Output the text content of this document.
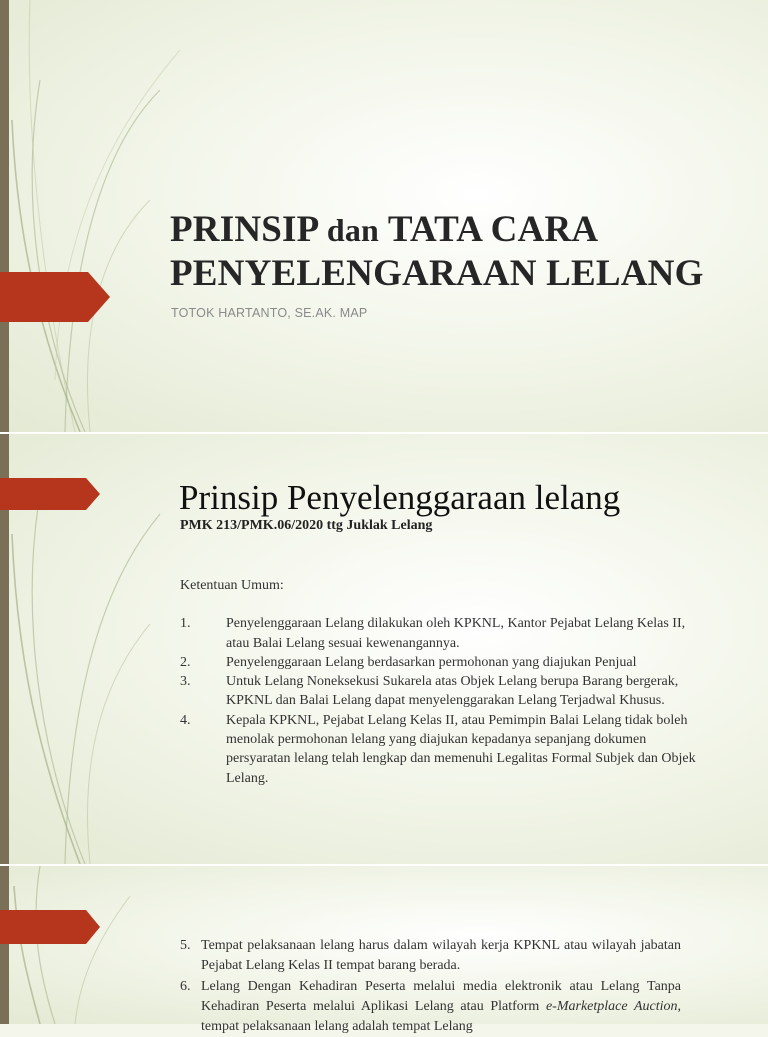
PRINSIP dan TATA CARA
PENYELENGARAAN LELANG
TOTOK HARTANTO, SE.AK. MAP
Prinsip Penyelenggaraan lelang
PMK 213/PMK.06/2020 ttg Juklak Lelang
Ketentuan Umum:
1.	Penyelenggaraan Lelang dilakukan oleh KPKNL, Kantor Pejabat Lelang Kelas II, atau Balai Lelang sesuai kewenangannya.
2.	Penyelenggaraan Lelang berdasarkan permohonan yang diajukan Penjual
3.	Untuk Lelang Noneksekusi Sukarela atas Objek Lelang berupa Barang bergerak, KPKNL dan Balai Lelang dapat menyelenggarakan Lelang Terjadwal Khusus.
4.	Kepala KPKNL, Pejabat Lelang Kelas II, atau Pemimpin Balai Lelang tidak boleh menolak permohonan lelang yang diajukan kepadanya sepanjang dokumen persyaratan lelang telah lengkap dan memenuhi Legalitas Formal Subjek dan Objek Lelang.
5. Tempat pelaksanaan lelang harus dalam wilayah kerja KPKNL atau wilayah jabatan Pejabat Lelang Kelas II tempat barang berada.
6. Lelang Dengan Kehadiran Peserta melalui media elektronik atau Lelang Tanpa Kehadiran Peserta melalui Aplikasi Lelang atau Platform e-Marketplace Auction, tempat pelaksanaan lelang adalah tempat Lelang
